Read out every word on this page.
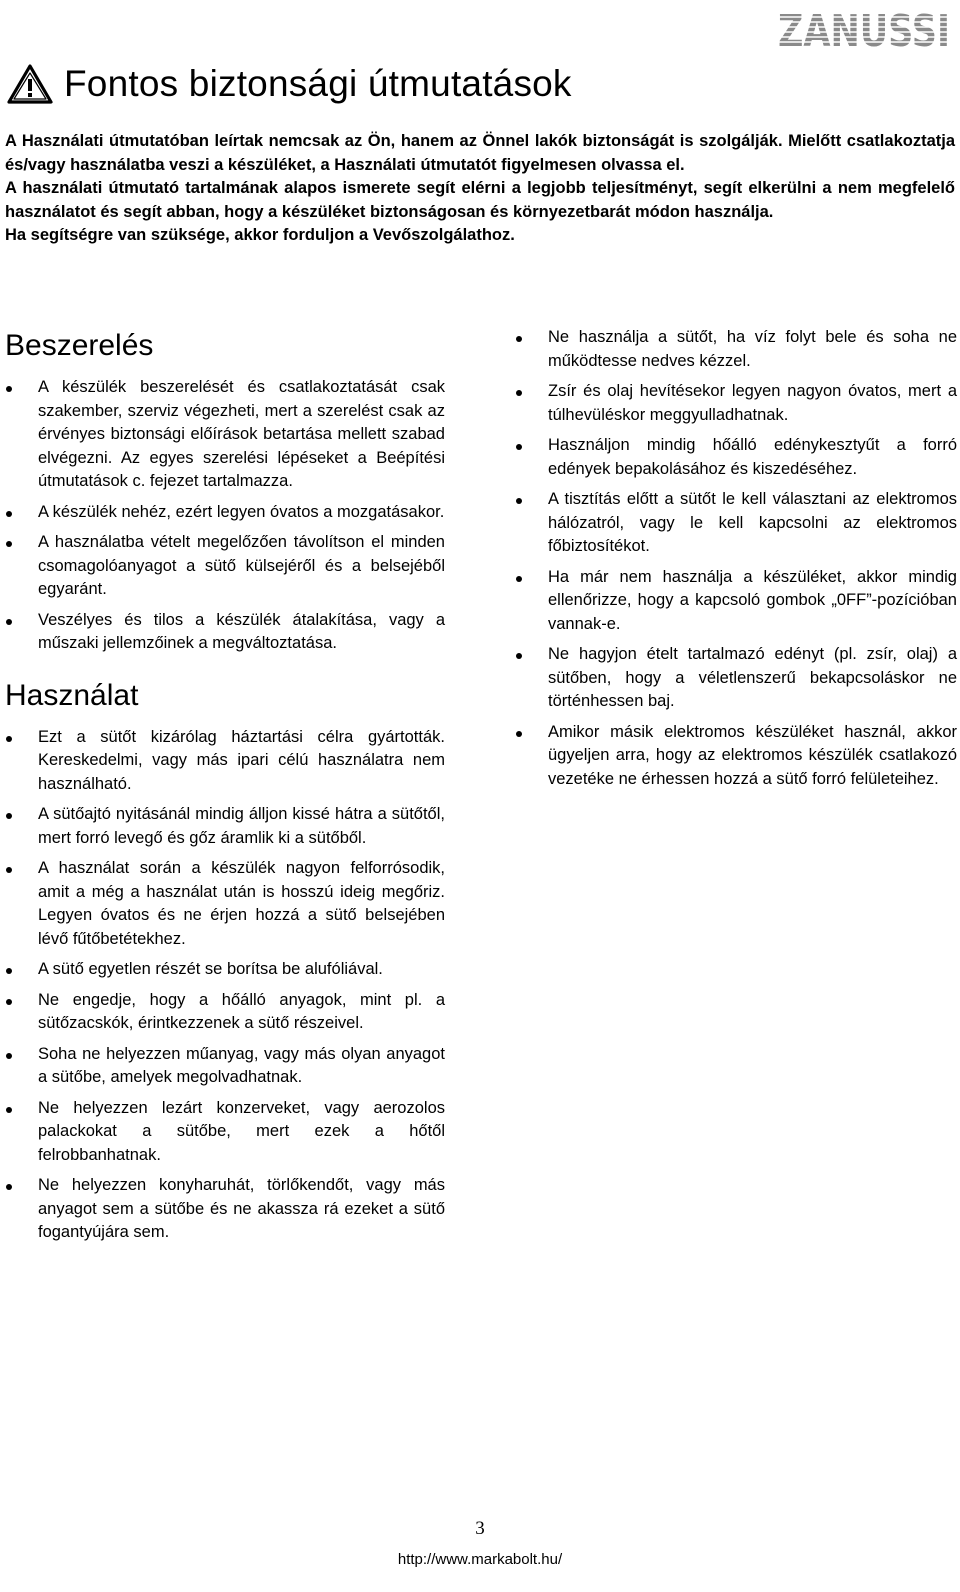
ZANUSSI
Fontos biztonsági útmutatások

A Használati útmutatóban leírtak nemcsak az Ön, hanem az Önnel lakók biztonságát is szolgálják. Mielőtt csatlakoztatja és/vagy használatba veszi a készüléket, a Használati útmutatót figyelmesen olvassa el.

A használati útmutató tartalmának alapos ismerete segít elérni a legjobb teljesítményt, segít elkerülni a nem megfelelő használatot és segít abban, hogy a készüléket biztonságosan és környezetbarát módon használja.

Ha segítségre van szüksége, akkor forduljon a Vevőszolgálathoz.

Beszerelés
A készülék beszerelését és csatlakoztatását csak szakember, szerviz végezheti, mert a szerelést csak az érvényes biztonsági előírások betartása mellett szabad elvégezni. Az egyes szerelési lépéseket a Beépítési útmutatások c. fejezet tartalmazza.
A készülék nehéz, ezért legyen óvatos a mozgatásakor.
A használatba vételt megelőzően távolítson el minden csomagolóanyagot a sütő külsejéről és a belsejéből egyaránt.
Veszélyes és tilos a készülék átalakítása, vagy a műszaki jellemzőinek a megváltoztatása.
Használat
Ezt a sütőt kizárólag háztartási célra gyártották. Kereskedelmi, vagy más ipari célú használatra nem használható.
A sütőajtó nyitásánál mindig álljon kissé hátra a sütőtől, mert forró levegő és gőz áramlik ki a sütőből.
A használat során a készülék nagyon felforrósodik, amit a még a használat után is hosszú ideig megőriz. Legyen óvatos és ne érjen hozzá a sütő belsejében lévő fűtőbetétekhez.
A sütő egyetlen részét se borítsa be alufóliával.
Ne engedje, hogy a hőálló anyagok, mint pl. a sütőzacskók, érintkezzenek a sütő részeivel.
Soha ne helyezzen műanyag, vagy más olyan anyagot a sütőbe, amelyek megolvadhatnak.
Ne helyezzen lezárt konzerveket, vagy aerozolos palackokat a sütőbe, mert ezek a hőtől felrobbanhatnak.
Ne helyezzen konyharuhát, törlőkendőt, vagy más anyagot sem a sütőbe és ne akassza rá ezeket a sütő fogantyújára sem.
Ne használja a sütőt, ha víz folyt bele és soha ne működtesse nedves kézzel.
Zsír és olaj hevítésekor legyen nagyon óvatos, mert a túlhevüléskor meggyulladhatnak.
Használjon mindig hőálló edénykesztyűt a forró edények bepakolásához és kiszedéséhez.
A tisztítás előtt a sütőt le kell választani az elektromos hálózatról, vagy le kell kapcsolni az elektromos főbiztosítékot.
Ha már nem használja a készüléket, akkor mindig ellenőrizze, hogy a kapcsoló gombok „0FF”-pozícióban vannak-e.
Ne hagyjon ételt tartalmazó edényt (pl. zsír, olaj) a sütőben, hogy a véletlenszerű bekapcsoláskor ne történhessen baj.
Amikor másik elektromos készüléket használ, akkor ügyeljen arra, hogy az elektromos készülék csatlakozó vezetéke ne érhessen hozzá a sütő forró felületeihez.
3
http://www.markabolt.hu/
